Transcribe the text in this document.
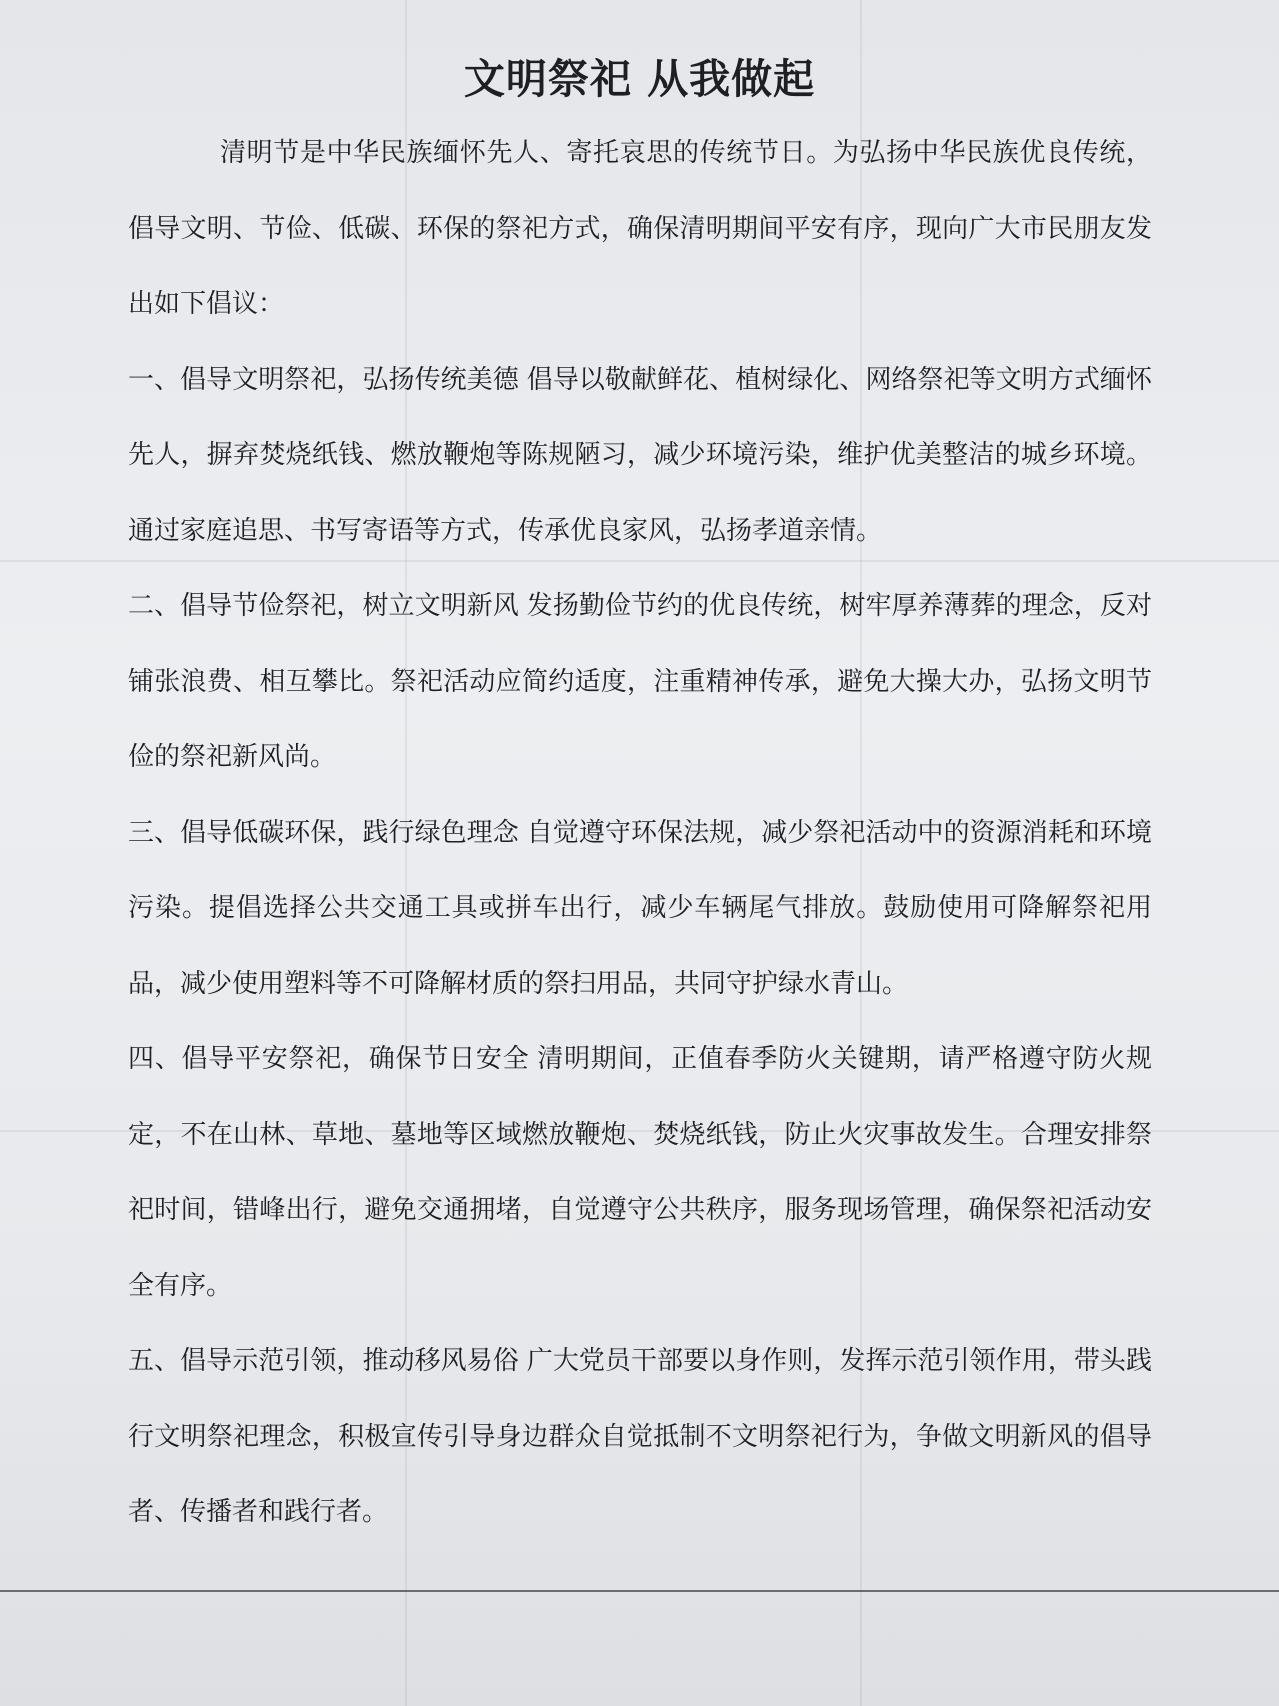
文明祭祀 从我做起

清明节是中华民族缅怀先人、寄托哀思的传统节日。为弘扬中华民族优良传统，倡导文明、节俭、低碳、环保的祭祀方式，确保清明期间平安有序，现向广大市民朋友发出如下倡议：

一、倡导文明祭祀，弘扬传统美德 倡导以敬献鲜花、植树绿化、网络祭祀等文明方式缅怀先人，摒弃焚烧纸钱、燃放鞭炮等陈规陋习，减少环境污染，维护优美整洁的城乡环境。通过家庭追思、书写寄语等方式，传承优良家风，弘扬孝道亲情。

二、倡导节俭祭祀，树立文明新风 发扬勤俭节约的优良传统，树牢厚养薄葬的理念，反对铺张浪费、相互攀比。祭祀活动应简约适度，注重精神传承，避免大操大办，弘扬文明节俭的祭祀新风尚。

三、倡导低碳环保，践行绿色理念 自觉遵守环保法规，减少祭祀活动中的资源消耗和环境污染。提倡选择公共交通工具或拼车出行，减少车辆尾气排放。鼓励使用可降解祭祀用品，减少使用塑料等不可降解材质的祭扫用品，共同守护绿水青山。

四、倡导平安祭祀，确保节日安全 清明期间，正值春季防火关键期，请严格遵守防火规定，不在山林、草地、墓地等区域燃放鞭炮、焚烧纸钱，防止火灾事故发生。合理安排祭祀时间，错峰出行，避免交通拥堵，自觉遵守公共秩序，服务现场管理，确保祭祀活动安全有序。

五、倡导示范引领，推动移风易俗 广大党员干部要以身作则，发挥示范引领作用，带头践行文明祭祀理念，积极宣传引导身边群众自觉抵制不文明祭祀行为，争做文明新风的倡导者、传播者和践行者。
